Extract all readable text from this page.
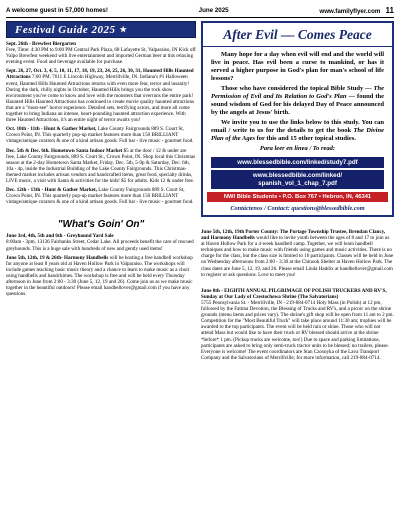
A welcome guest in 57,000 homes!	June 2025	www.familyflyer.com 11
Festival Guide 2025 ★

Sept. 26th - Brewfest Biergarten

Free, Time: 4:30 PM to 9:00 PM Central Park Plaza, 68 Lafayette St, Valparaiso, IN Kick off Valpo Brewfest weekend with live entertainment and imported German beer at this relaxing evening event. Food and beverage available for purchase.

Sept. 26, 27, Oct. 3, 4, 5, 10, 11, 17, 18, 19, 23, 24, 25, 26, 30, 31, Haunted Hills Haunted Attractions 7:00 PM. 7611 E Lincoln Highway, Merrillville, IN. Indiana's #1 Halloween event, Haunted Hills Haunted Attractions returns with even more fear, terror and insanity! During the dark, chilly nights in October, Haunted Hills brings you the rock show environment you've come to know and love with the monsters that overruns the entire park! Haunted Hills Haunted Attractions has continued to create movie quality haunted attractions that are a "must-see" horror experience. Detailed sets, terrifying actors, and more all come together to bring Indiana an intense, heart-pounding haunted attraction experience. With three Haunted Attractions, it's an entire night of terror awaits you!

Oct. 10th - 11th - Hunt & Gather Market, Lake County Fairgrounds 889 S. Court St, Crown Point, IN. This quarterly pop-up market features more than 150 BRILLIANT vintage/antique curators & one of a kind artisan goods. Full bar - live music - gourmet food.

Dec. 5th & Dec. 6th. Hometown Santa Indoor Market $5 at the door / 12 & under are free, Lake County Fairgrounds, 889 S. Court St., Crown Point, IN. Shop local this Christmas season at the 2-day Hometown Santa Market, Friday, Dec. 5th, 5-9p & Saturday, Dec. 6th, 10a - 4p, inside the Industrial Building of the Lake County Fairgrounds. This Christmas-themed market includes artisan vendors and handcrafted items, great food, specialty drinks, LIVE music, a visit with Santa & activities for the kids! $5 for adults. Kids 12 & under free.

Dec. 12th - 13th - Hunt & Gather Market, Lake County Fairgrounds 889 S. Court St, Crown Point, IN. This quarterly pop-up market features more than 150 BRILLIANT vintage/antique curators & one of a kind artisan goods. Full bar - live music - gourmet food.

"What's Goin' On"

June 3rd, 4th, 5th and 6th - Greyhound Yard Sale

8:00am - 3pm, 13136 Fairbanks Street, Cedar Lake. All proceeds benefit the care of rescued greyhounds. This is a huge sale with hundreds of new and gently used items!

June 5th, 12th, 19 & 26th- Harmony Handbells will be hosting a free handbell workshop for anyone at least 8 years old at Haven Hollow Park in Valparaiso. The workshops will include games teaching basic music theory and a chance to learn to make music as a choir using handbells and handchimes. The workshop is free and will be held every Thursday afternoon in June from 2:00 - 3:30 (June 5, 12, 19 and 26). Come join us as we make music together in the beautiful outdoors! Please email handbellover@gmail.com if you have any questions.

After Evil — Comes Peace

Many hope for a day when evil will end and the world will live in peace. Has evil been a curse to mankind, or has it served a higher purpose in God's plan for man's school of life lessons?

Those who have considered the topical Bible Study — The Permission of Evil and Its Relation to God's Plan — found the sound wisdom of God for his delayed Day of Peace announced by the angels at Jesus' birth.

We invite you to use the links below to this study. You can email / write to us for the details to get the book The Divine Plan of the Ages for this and 15 other topical studies.

Para leer en línea / To read:
www.blessedbible.com/linked/study7.pdf
www.blessedbible.com/linked/
spanish_vol_1_chap_7.pdf
NWI Bible Students • P.O. Box 767 • Hebron, IN, 46341
Contáctenos / Contact: questions@blessedbible.com

June 5th, 12th, 19th Porter County: The Portage Township Trustee, Brendan Clancy, and Harmony Handbells would like to invite youth between the ages of 8 and 17 to join us at Haven Hollow Park for a 4-week handbell camp. Together, we will learn handbell techniques and how to make music with friends using games and music activities. There is no charge for the class, but the class size is limited to 16 participants. Classes will be held in June on Wednesday afternoons from 2:00 - 3:30 at the Chinook Shelter at Haven Hollow Park. The class dates are June 5, 12, 19, and 26. Please email Linda Haddix at handbellover@gmail.com to register or ask questions. Love to meet you!

June 8th - EIGHTH ANNUAL PILGRIMAGE OF POLISH TRUCKERS AND RV'S, Sunday at Our Lady of Czestochowa Shrine (The Salvatorians)

5755 Pennsylvania St. - Merrillville, IN - 219-884-0714 Holy Mass (in Polish) at 12 pm, followed by the Fatima Devotion, the Blessing of Trucks and RV's, and a picnic on the shrine grounds (menu items and prices vary). The shrine's gift shop will be open from 11 am to 2 pm. Competition for the "Most Beautiful Truck" will take place around 11:30 am; trophies will be awarded to the top participants. The event will be held rain or shine. Those who will not attend Mass but would like to have their truck or RV blessed should arrive at the shrine *before* 1 pm. (Pickup trucks are welcome, too!) Due to space and parking limitations, participants are asked to bring only semi-truck tractor units to be blessed; no trailers, please. Everyone is welcome! The event coordinators are Stan Czosnyka of the Lava Transport Company and the Salvatorians of Merrillville; for more information, call 219-884-0714.
